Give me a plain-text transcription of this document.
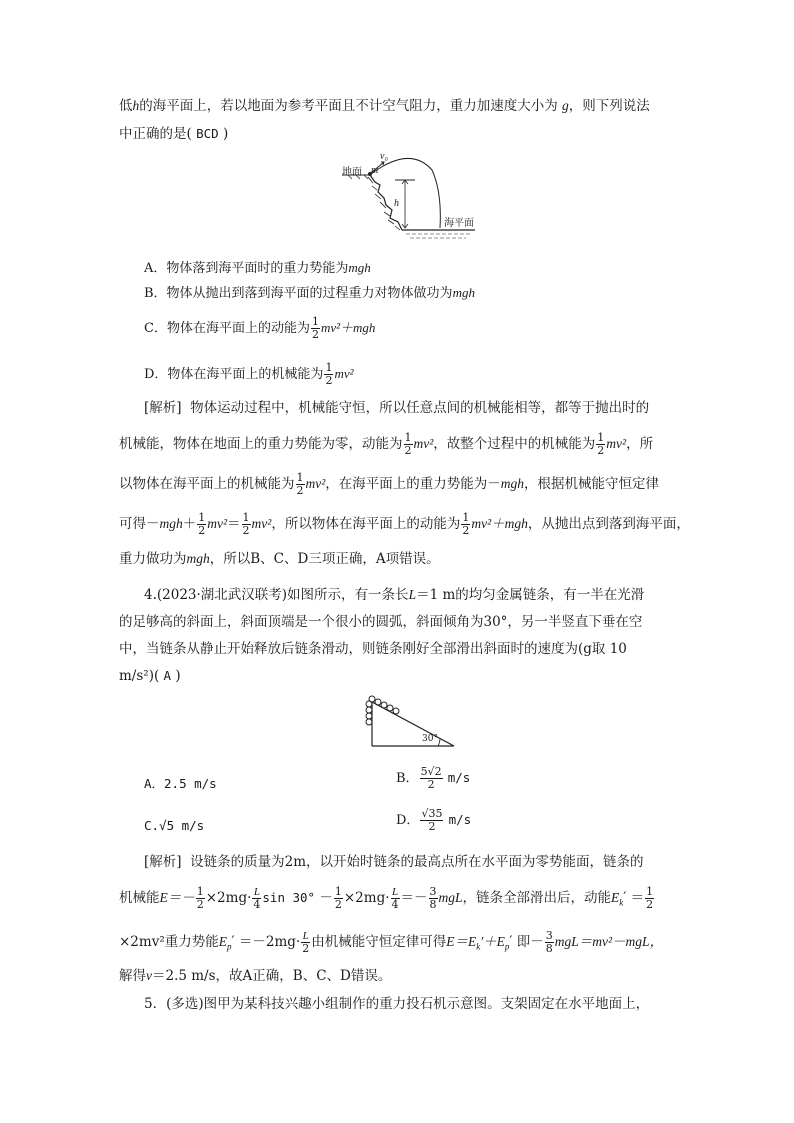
低h的海平面上，若以地面为参考平面且不计空气阻力，重力加速度大小为 g，则下列说法
中正确的是( BCD )
地面 m
v₀
h
海平面
A．物体落到海平面时的重力势能为mgh
B．物体从抛出到落到海平面的过程重力对物体做功为mgh
C．物体在海平面上的动能为 $\frac{1}{2} mv^2+mgh$
D．物体在海平面上的机械能为 $\frac{1}{2} mv^2$
[解析] 物体运动过程中，机械能守恒，所以任意点间的机械能相等，都等于抛出时的
机械能，物体在地面上的重力势能为零，动能为 $\frac{1}{2} mv^2$，故整个过程中的机械能为 $\frac{1}{2} mv^2$，所
以物体在海平面上的机械能为 $\frac{1}{2} mv^2$，在海平面上的重力势能为－mgh，根据机械能守恒定律
可得$-mgh+ \frac{1}{2} mv^2= \frac{1}{2} mv^2$，所以物体在海平面上的动能为 $\frac{1}{2} mv^2+mgh$，从抛出点到落到海平面，
重力做功为mgh，所以B、C、D三项正确，A项错误。
4.(2023·湖北武汉联考)如图所示，有一条长L＝1 m的均匀金属链条，有一半在光滑
的足够高的斜面上，斜面顶端是一个很小的圆弧，斜面倾角为30°，另一半竖直下垂在空
中，当链条从静止开始释放后链条滑动，则链条刚好全部滑出斜面时的速度为(g取 10
m/s²)( A )
30°
A．2.5 m/s	B． $\frac{5√2}{2} m/s$
C.√5 m/s	D． $\frac{√35}{2} m/s$
[解析] 设链条的质量为2m，以开始时链条的最高点所在水平面为零势能面，链条的
机械能$E=- \frac{1}{2} \times 2mg\cdot \frac{L}{4}$ $\sin 30^\circ - \frac{1}{2} \times 2mg\cdot \frac{L}{4} =- \frac{3}{8}$ mgL，链条全部滑出后，动能$E_k' = \frac{1}{2}$
×2mv²重力势能$E_p' =-2mg\cdot \frac{L}{2}$ 由机械能守恒定律可得$E=E_k'+E_p'$ 即－ $\frac{3}{8} mgL=mv^2-mgL$，
解得v＝2.5 m/s，故A正确，B、C、D错误。
5．(多选)图甲为某科技兴趣小组制作的重力投石机示意图。支架固定在水平地面上，
